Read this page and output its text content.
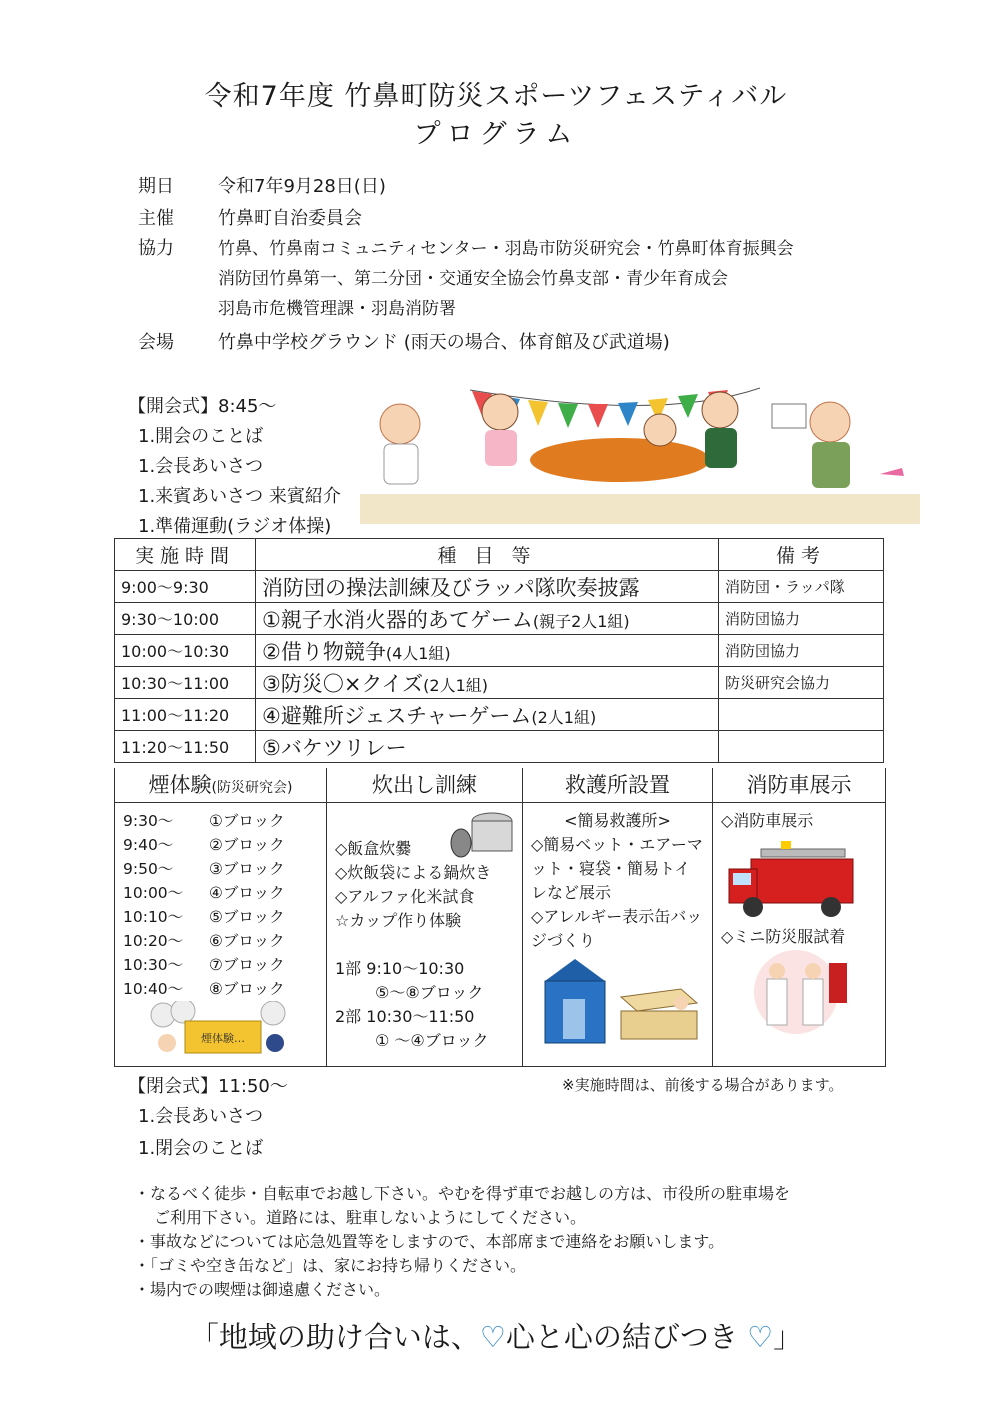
令和7年度 竹鼻町防災スポーツフェスティバル
プログラム
期日 令和7年9月28日(日)
主催 竹鼻町自治委員会
協力	竹鼻、竹鼻南コミュニティセンター・羽島市防災研究会・竹鼻町体育振興会
消防団竹鼻第一、第二分団・交通安全協会竹鼻支部・青少年育成会
羽島市危機管理課・羽島消防署
会場 竹鼻中学校グラウンド (雨天の場合、体育館及び武道場)
【開会式】8:45～
1.開会のことば
1.会長あいさつ
1.来賓あいさつ 来賓紹介
1.準備運動(ラジオ体操)
実施時間	種 目 等	備考
9:00～9:30	消防団の操法訓練及びラッパ隊吹奏披露	消防団・ラッパ隊
9:30～10:00	①親子水消火器的あてゲーム(親子2人1組)	消防団協力
10:00～10:30	②借り物競争(4人1組)	消防団協力
10:30～11:00	③防災〇×クイズ(2人1組)	防災研究会協力
11:00～11:20	④避難所ジェスチャーゲーム(2人1組)	
11:20～11:50	⑤バケツリレー	
煙体験(防災研究会)
9:30～	①ブロック
9:40～	②ブロック
9:50～	③ブロック
10:00～	④ブロック
10:10～	⑤ブロック
10:20～	⑥ブロック
10:30～	⑦ブロック
10:40～	⑧ブロック
煙体験…
炊出し訓練
◇飯盒炊爨
◇炊飯袋による鍋炊き
◇アルファ化米試食
☆カップ作り体験
1部 9:10～10:30
⑤～⑧ブロック
2部 10:30～11:50
① ～④ブロック
救護所設置
<簡易救護所>
◇簡易ベット・エアーマット・寝袋・簡易トイレなど展示
◇アレルギー表示缶バッジづくり
消防車展示
◇消防車展示
◇ミニ防災服試着
【閉会式】11:50～	※実施時間は、前後する場合があります。
1.会長あいさつ
1.閉会のことば
・なるべく徒歩・自転車でお越し下さい。やむを得ず車でお越しの方は、市役所の駐車場を
ご利用下さい。道路には、駐車しないようにしてください。
・事故などについては応急処置等をしますので、本部席まで連絡をお願いします。
・「ゴミや空き缶など」は、家にお持ち帰りください。
・場内での喫煙は御遠慮ください。
「地域の助け合いは、♡心と心の結びつき ♡」
